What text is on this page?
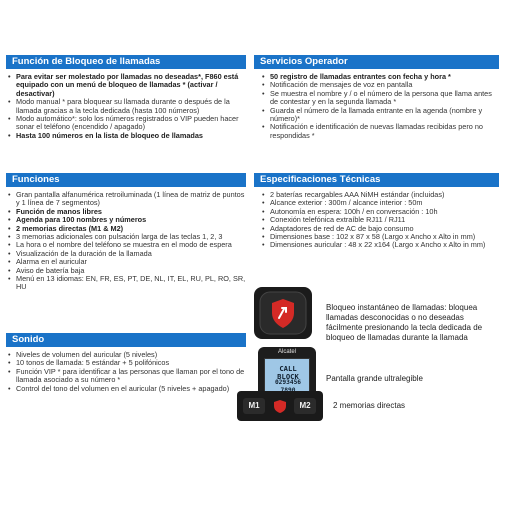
Función de Bloqueo de llamadas
• Para evitar ser molestado por llamadas no deseadas*, F860 está equipado con un menú de bloqueo de llamadas * (activar / desactivar)
• Modo manual * para bloquear su llamada durante o después de la llamada gracias a la tecla dedicada (hasta 100 números)
• Modo automático*: solo los números registrados o VIP pueden hacer sonar el teléfono (encendido / apagado)
• Hasta 100 números en la lista de bloqueo de llamadas
Servicios Operador
• 50 registro de llamadas entrantes con fecha y hora *
• Notificación de mensajes de voz en pantalla
• Se muestra el nombre y / o el número de la persona que llama antes de contestar y en la segunda llamada *
• Guarda el número de la llamada entrante en la agenda (nombre y número)*
• Notificación e identificación de nuevas llamadas recibidas pero no respondidas *
Funciones
• Gran pantalla alfanumérica retroiluminada (1 línea de matriz de puntos y 1 línea de 7 segmentos)
• Función de manos libres
• Agenda para 100 nombres y números
• 2 memorias directas (M1 & M2)
• 3 memorias adicionales con pulsación larga de las teclas 1, 2, 3
• La hora o el nombre del teléfono se muestra en el modo de espera
• Visualización de la duración de la llamada
• Alarma en el auricular
• Aviso de batería baja
• Menú en 13 idiomas: EN, FR, ES, PT, DE, NL, IT, EL, RU, PL, RO, SR, HU
Especificaciones Técnicas
• 2 baterías recargables AAA NiMH estándar (incluidas)
• Alcance exterior : 300m / alcance interior : 50m
• Autonomía en espera: 100h / en conversación : 10h
• Conexión telefónica extraíble RJ11 / RJ11
• Adaptadores de red de AC de bajo consumo
• Dimensiones base : 102 x 87 x 58 (Largo x Ancho x Alto in mm)
• Dimensiones auricular : 48 x 22 x164 (Largo x Ancho x Alto in mm)
Sonido
• Niveles de volumen del auricular (5 niveles)
• 10 tonos de llamada: 5 estándar + 5 polifónicos
• Función VIP * para identificar a las personas que llaman por el tono de llamada asociado a su número *
• Control del tono del volumen en el auricular (5 niveles + apagado)
Bloqueo instantáneo de llamadas: bloquea llamadas desconocidas o no deseadas fácilmente presionando la tecla dedicada de bloqueo de llamadas durante la llamada
Alcatel
CALL BLOCK
0293456	Pantalla grande ultralegible
M1	M2	2 memorias directas
